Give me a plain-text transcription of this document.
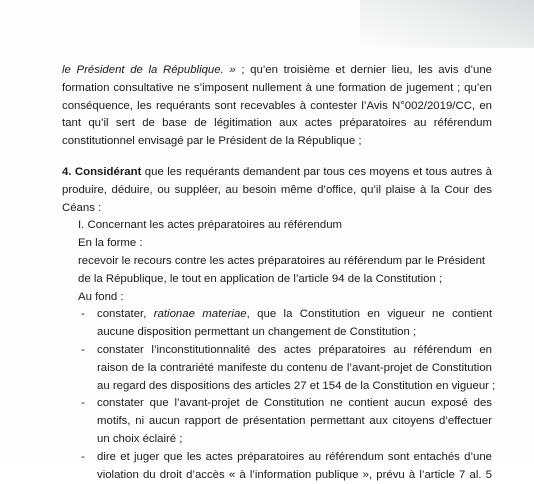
le Président de la République. » ; qu’en troisième et dernier lieu, les avis d’une
formation consultative ne s’imposent nullement à une formation de jugement ; qu’en
conséquence, les requérants sont recevables à contester l’Avis N°002/2019/CC, en
tant qu’il sert de base de légitimation aux actes préparatoires au référendum
constitutionnel envisagé par le Président de la République ;
4. Considérant que les requérants demandent par tous ces moyens et tous autres à
produire, déduire, ou suppléer, au besoin même d’office, qu’il plaise à la Cour des
Céans :
I. Concernant les actes préparatoires au référendum
En la forme :
recevoir le recours contre les actes préparatoires au référendum par le Président
de la République, le tout en application de l’article 94 de la Constitution ;
Au fond :
- constater, rationae materiae, que la Constitution en vigueur ne contient
aucune disposition permettant un changement de Constitution ;
- constater l’inconstitutionnalité des actes préparatoires au référendum en
raison de la contrariété manifeste du contenu de l’avant-projet de Constitution
au regard des dispositions des articles 27 et 154 de la Constitution en vigueur ;
- constater que l’avant-projet de Constitution ne contient aucun exposé des
motifs, ni aucun rapport de présentation permettant aux citoyens d’effectuer
un choix éclairé ;
- dire et juger que les actes préparatoires au référendum sont entachés d’une
violation du droit d’accès « à l’information publique », prévu à l’article 7 al. 5
